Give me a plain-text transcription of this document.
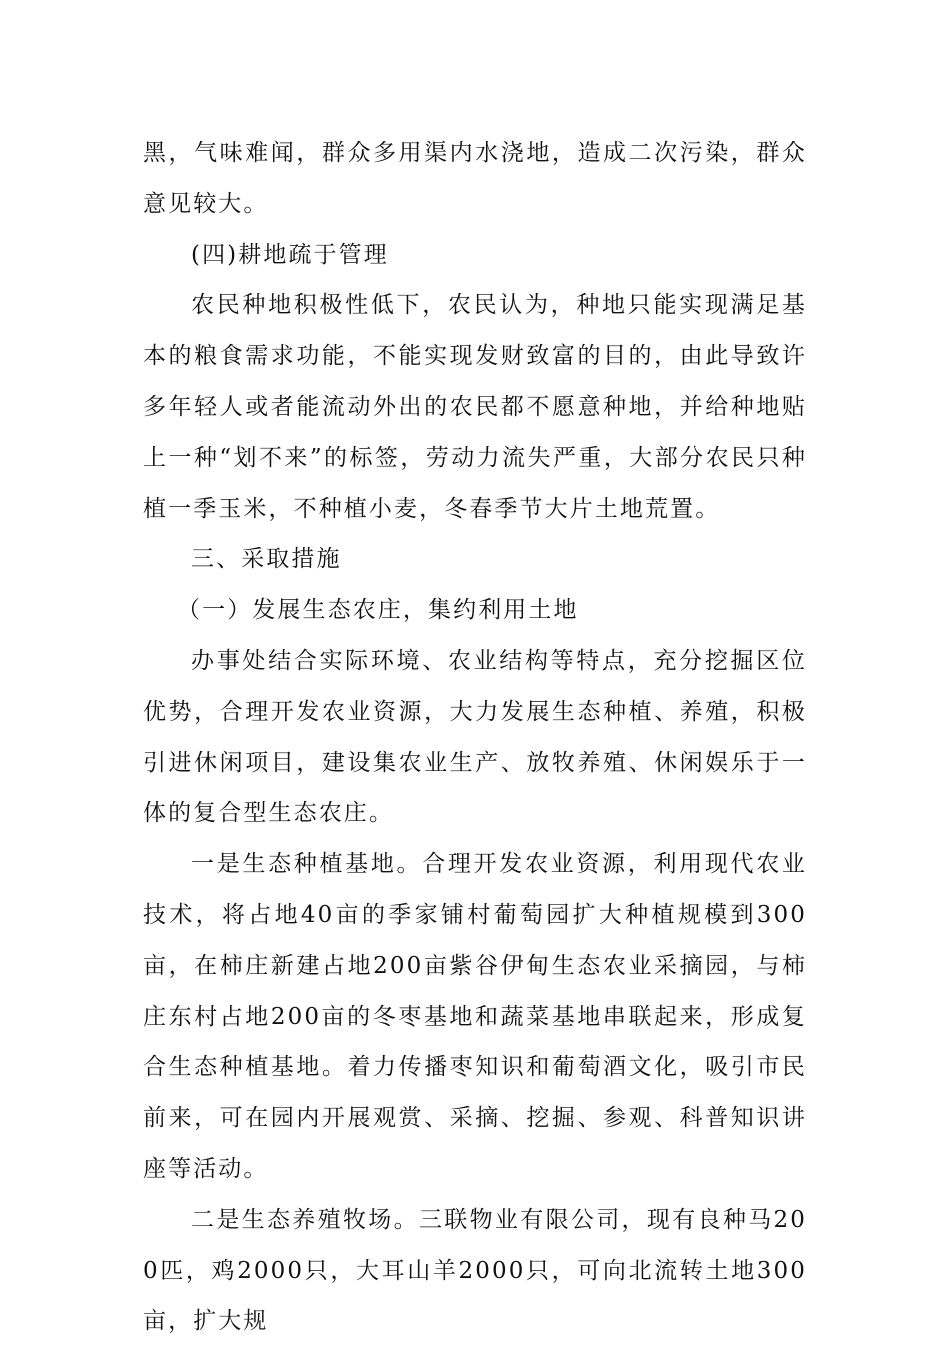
黑，气味难闻，群众多用渠内水浇地，造成二次污染，群众意见较大。

(四)耕地疏于管理

农民种地积极性低下，农民认为，种地只能实现满足基本的粮食需求功能，不能实现发财致富的目的，由此导致许多年轻人或者能流动外出的农民都不愿意种地，并给种地贴上一种“划不来”的标签，劳动力流失严重，大部分农民只种植一季玉米，不种植小麦，冬春季节大片土地荒置。

三、采取措施

（一）发展生态农庄，集约利用土地

办事处结合实际环境、农业结构等特点，充分挖掘区位优势，合理开发农业资源，大力发展生态种植、养殖，积极引进休闲项目，建设集农业生产、放牧养殖、休闲娱乐于一体的复合型生态农庄。

一是生态种植基地。合理开发农业资源，利用现代农业技术，将占地40亩的季家铺村葡萄园扩大种植规模到300亩，在柿庄新建占地200亩紫谷伊甸生态农业采摘园，与柿庄东村占地200亩的冬枣基地和蔬菜基地串联起来，形成复合生态种植基地。着力传播枣知识和葡萄酒文化，吸引市民前来，可在园内开展观赏、采摘、挖掘、参观、科普知识讲座等活动。

二是生态养殖牧场。三联物业有限公司，现有良种马200匹，鸡2000只，大耳山羊2000只，可向北流转土地300亩，扩大规
